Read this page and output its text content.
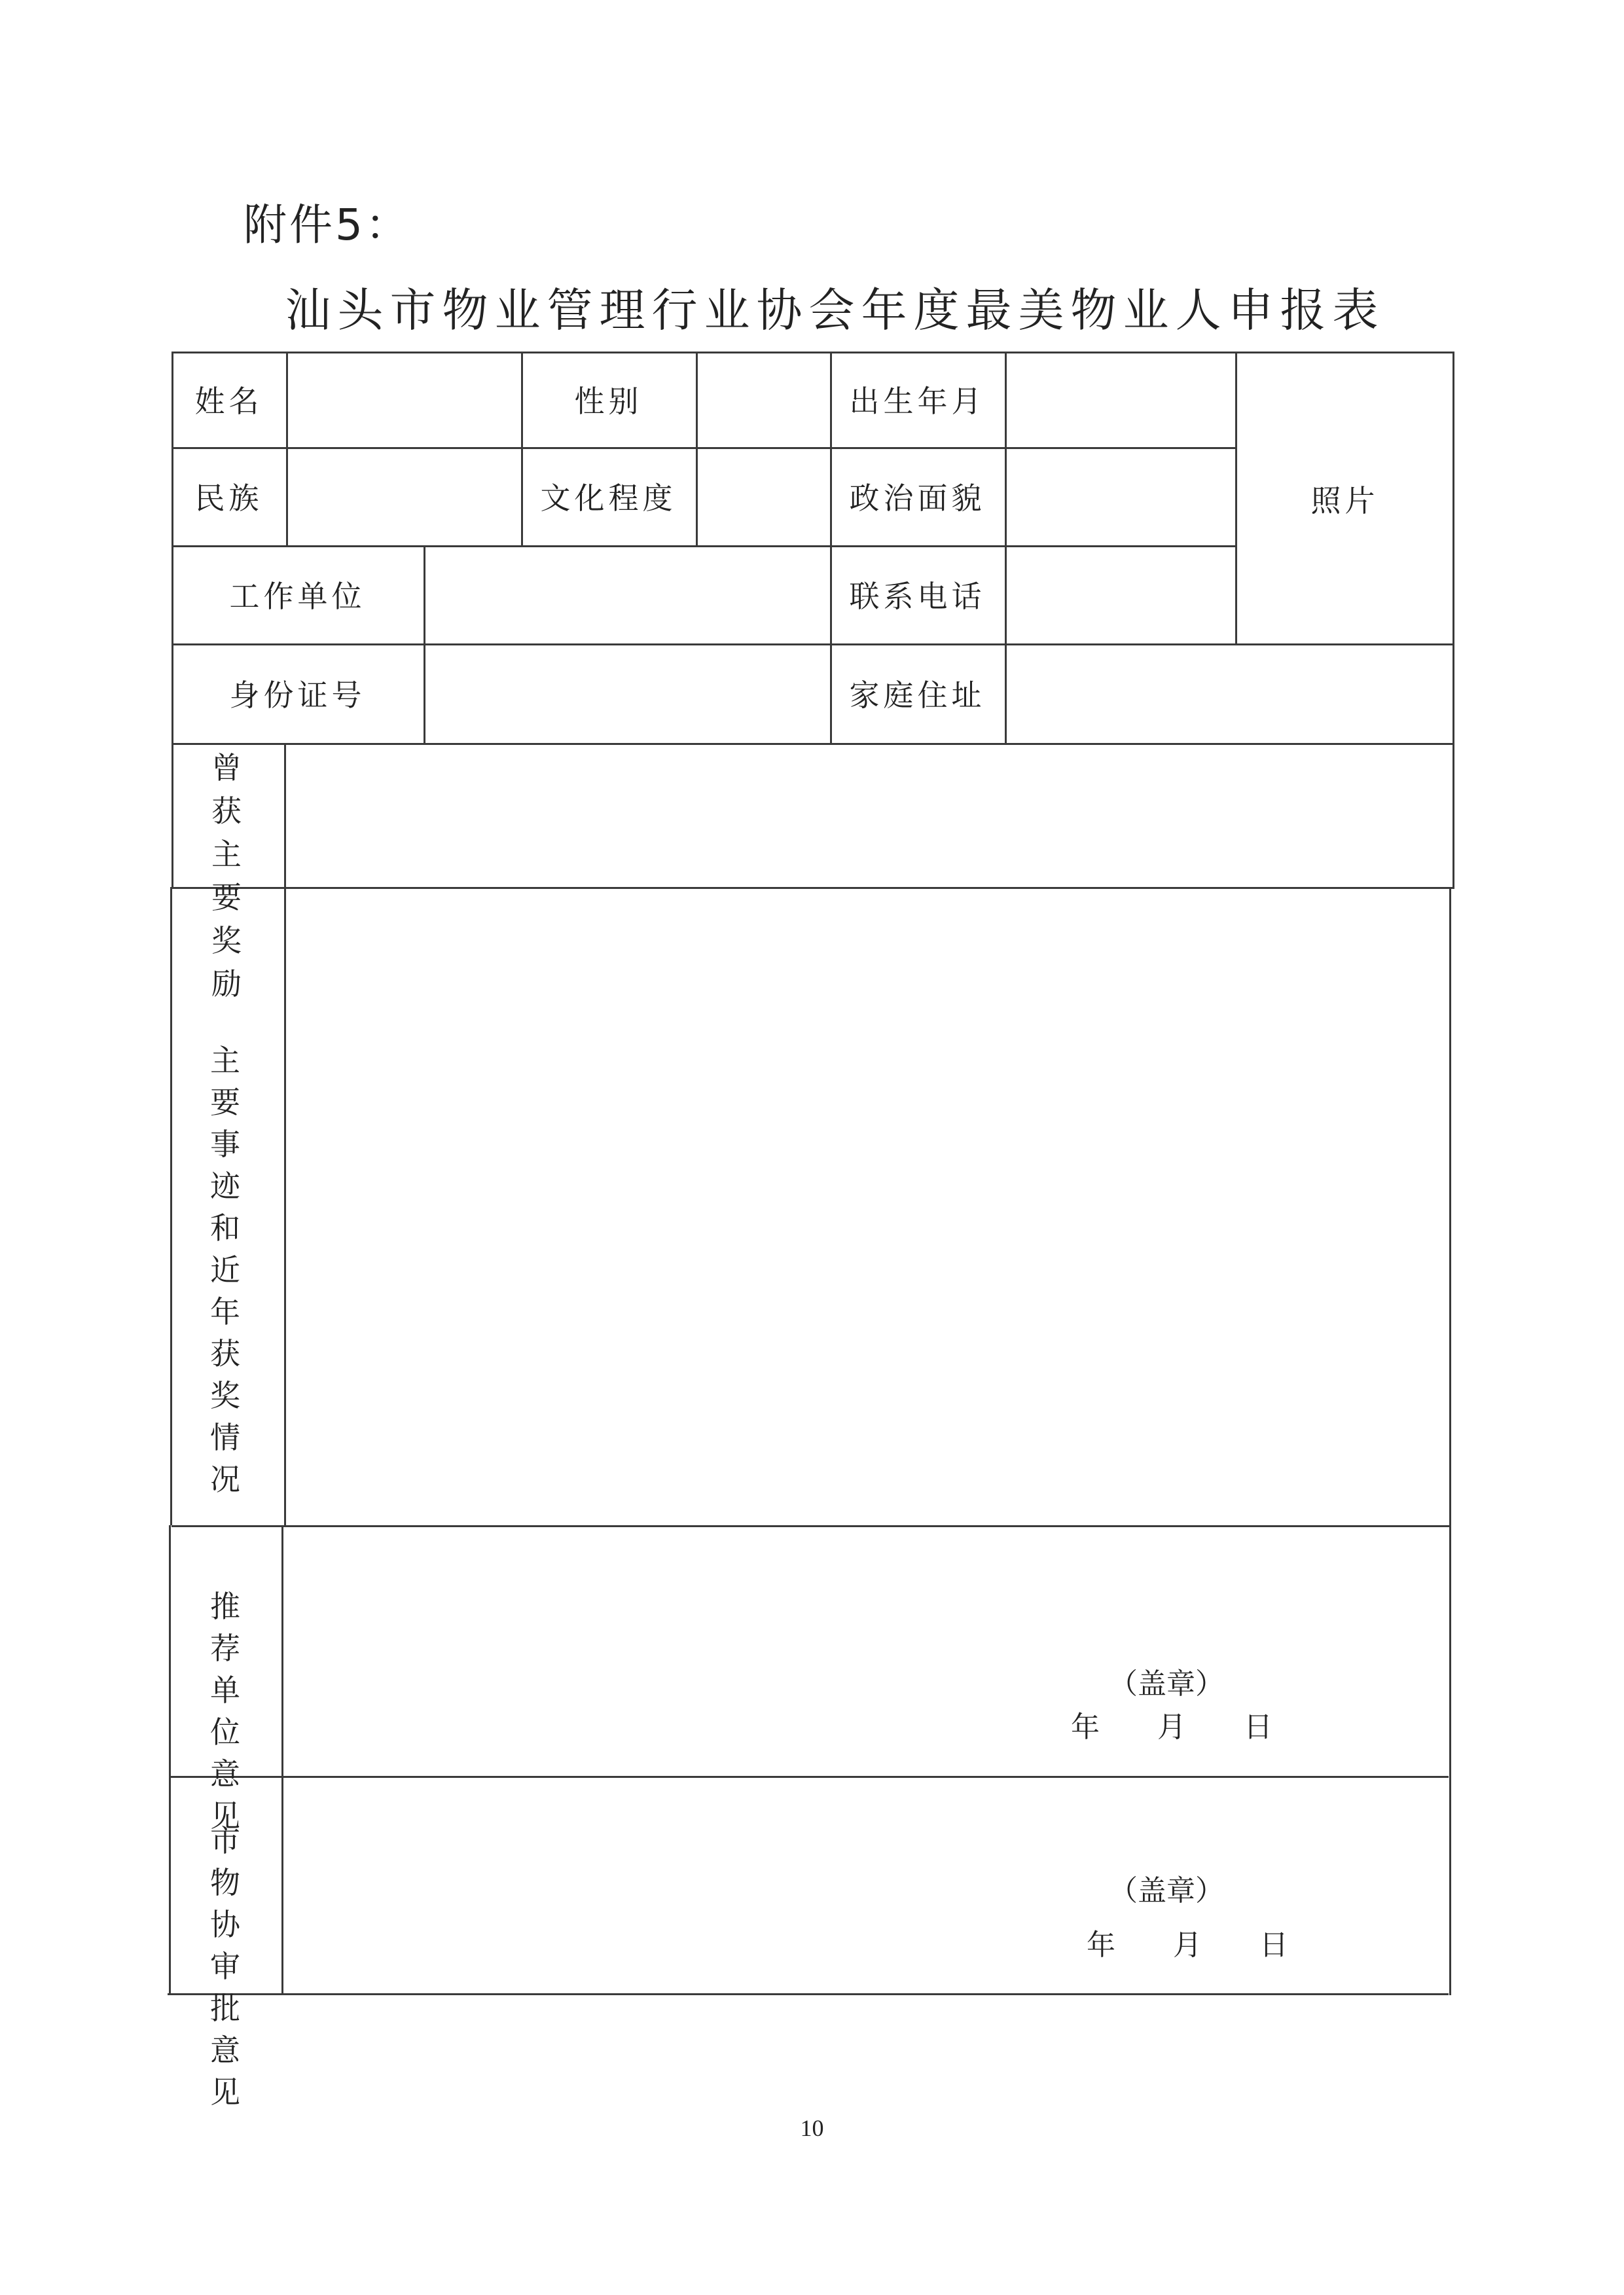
附件5：
汕头市物业管理行业协会年度最美物业人申报表
姓名	性别	出生年月
照片
民族	文化程度	政治面貌
工作单位	联系电话
身份证号	家庭住址
曾获主要奖励
主要事迹和近年获奖情况
推荐单位意见
（盖章）
年　　月　　日
市物协审批意见
（盖章）
年　　月　　日
10
